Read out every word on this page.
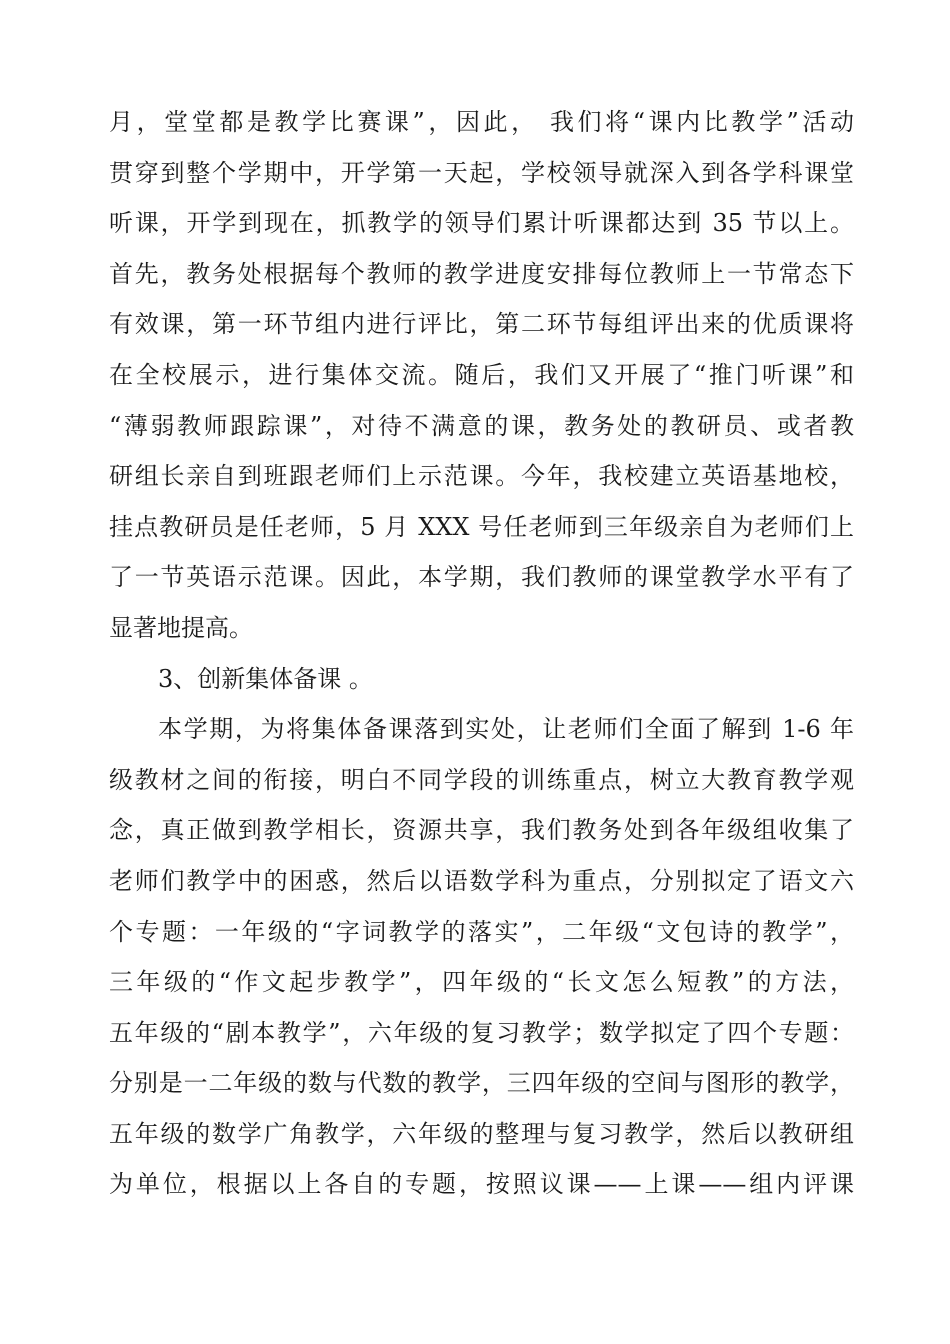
月，堂堂都是教学比赛课”，因此， 我们将“课内比教学”活动
贯穿到整个学期中，开学第一天起，学校领导就深入到各学科课堂
听课，开学到现在，抓教学的领导们累计听课都达到 35 节以上。
首先，教务处根据每个教师的教学进度安排每位教师上一节常态下
有效课，第一环节组内进行评比，第二环节每组评出来的优质课将
在全校展示，进行集体交流。随后，我们又开展了“推门听课”和
“薄弱教师跟踪课”，对待不满意的课，教务处的教研员、或者教
研组长亲自到班跟老师们上示范课。今年，我校建立英语基地校，
挂点教研员是任老师，5 月 XXX 号任老师到三年级亲自为老师们上
了一节英语示范课。因此，本学期，我们教师的课堂教学水平有了
显著地提高。
3、创新集体备课 。
本学期，为将集体备课落到实处，让老师们全面了解到 1-6 年
级教材之间的衔接，明白不同学段的训练重点，树立大教育教学观
念，真正做到教学相长，资源共享，我们教务处到各年级组收集了
老师们教学中的困惑，然后以语数学科为重点，分别拟定了语文六
个专题：一年级的“字词教学的落实”，二年级“文包诗的教学”，
三年级的“作文起步教学”，四年级的“长文怎么短教”的方法，
五年级的“剧本教学”，六年级的复习教学；数学拟定了四个专题：
分别是一二年级的数与代数的教学，三四年级的空间与图形的教学，
五年级的数学广角教学，六年级的整理与复习教学，然后以教研组
为单位，根据以上各自的专题，按照议课——上课——组内评课
